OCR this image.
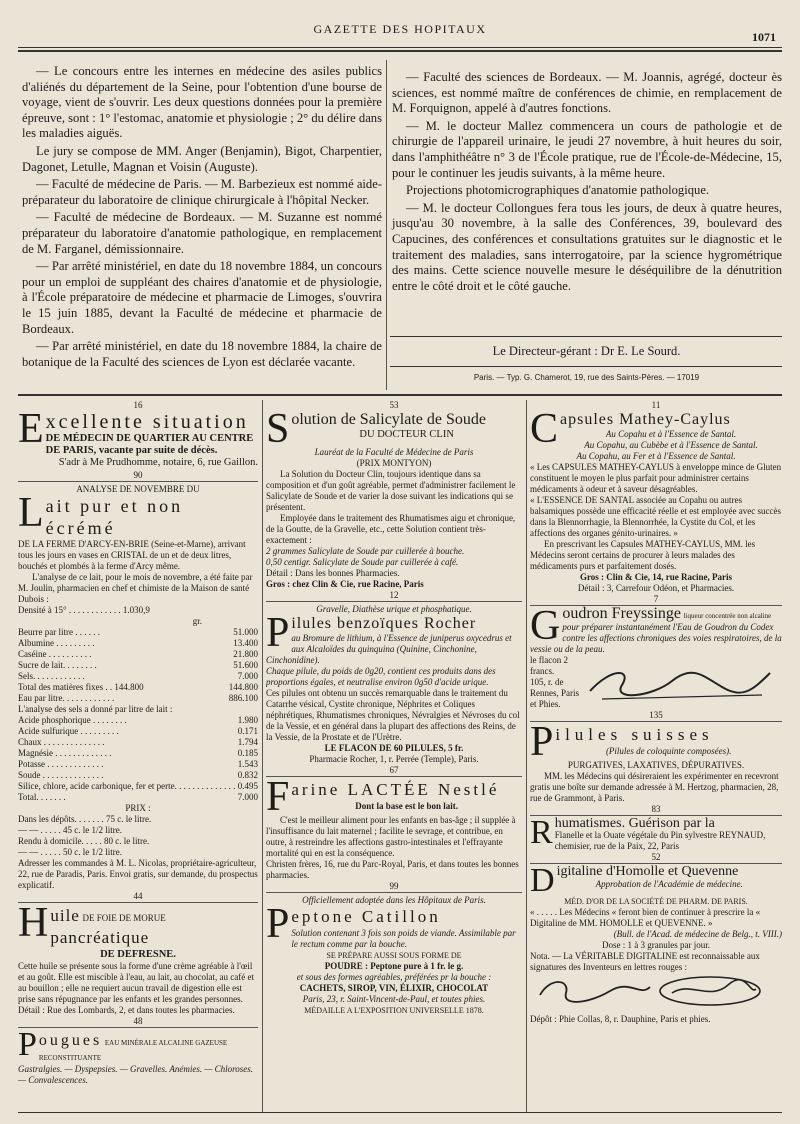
GAZETTE DES HOPITAUX
1071

— Le concours entre les internes en médecine des asiles publics d'aliénés du département de la Seine, pour l'obtention d'une bourse de voyage, vient de s'ouvrir. Les deux questions données pour la première épreuve, sont : 1° l'estomac, anatomie et physiologie ; 2° du délire dans les maladies aiguës.

Le jury se compose de MM. Anger (Benjamin), Bigot, Charpentier, Dagonet, Letulle, Magnan et Voisin (Auguste).

— Faculté de médecine de Paris. — M. Barbezieux est nommé aide-préparateur du laboratoire de clinique chirurgicale à l'hôpital Necker.

— Faculté de médecine de Bordeaux. — M. Suzanne est nommé préparateur du laboratoire d'anatomie pathologique, en remplacement de M. Farganel, démissionnaire.

— Par arrêté ministériel, en date du 18 novembre 1884, un concours pour un emploi de suppléant des chaires d'anatomie et de physiologie, à l'École préparatoire de médecine et pharmacie de Limoges, s'ouvrira le 15 juin 1885, devant la Faculté de médecine et pharmacie de Bordeaux.

— Par arrêté ministériel, en date du 18 novembre 1884, la chaire de botanique de la Faculté des sciences de Lyon est déclarée vacante.

— Faculté des sciences de Bordeaux. — M. Joannis, agrégé, docteur ès sciences, est nommé maître de conférences de chimie, en remplacement de M. Forquignon, appelé à d'autres fonctions.

— M. le docteur Mallez commencera un cours de pathologie et de chirurgie de l'appareil urinaire, le jeudi 27 novembre, à huit heures du soir, dans l'amphithéâtre n° 3 de l'École pratique, rue de l'École-de-Médecine, 15, pour le continuer les jeudis suivants, à la même heure.

Projections photomicrographiques d'anatomie pathologique.

— M. le docteur Collongues fera tous les jours, de deux à quatre heures, jusqu'au 30 novembre, à la salle des Conférences, 39, boulevard des Capucines, des conférences et consultations gratuites sur le diagnostic et le traitement des maladies, sans interrogatoire, par la science hygrométrique des mains. Cette science nouvelle mesure le déséquilibre de la dénutrition entre le côté droit et le côté gauche.

Le Directeur-gérant : Dr E. Le Sourd.
Paris. — Typ. G. Chamerot, 19, rue des Saints-Pères. — 17019
16
E xcellente situation
DE MÉDECIN DE QUARTIER AU CENTRE DE PARIS, vacante par suite de décès.
S'adr à Me Prudhomme, notaire, 6, rue Gaillon.
90
ANALYSE DE NOVEMBRE DU
L ait pur et non écrémé
DE LA FERME D'ARCY-EN-BRIE (Seine-et-Marne), arrivant tous les jours en vases en CRISTAL de un et de deux litres, bouchés et plombés à la ferme d'Arcy même.
L'analyse de ce lait, pour le mois de novembre, a été faite par M. Joulin, pharmacien en chef et chimiste de la Maison de santé Dubois :
Densité à 15° . . . . . . . . . . . . 1.030,9
gr.
Beurre par litre . . . . . .	51.000
Albumine . . . . . . . . .	13.400
Caséine . . . . . . . . . .	21.800
Sucre de lait. . . . . . . .	51.600
Sels. . . . . . . . . . . .	7.000
Total des matières fixes . . 144.800	144.800
Eau par litre. . . . . . . . . . . .	886.100
L'analyse des sels a donné par litre de lait :
Acide phosphorique . . . . . . . .	1.980
Acide sulfurique . . . . . . . . .	0.171
Chaux . . . . . . . . . . . . . .	1.794
Magnésie . . . . . . . . . . . . .	0.185
Potasse . . . . . . . . . . . . .	1.543
Soude . . . . . . . . . . . . . .	0.832
Silice, chlore, acide carbonique, fer et perte. . . . . . . . . . . . . . 0.495
Total. . . . . . .	7.000
PRIX :
Dans les dépôts. . . . . . . 75 c. le litre.
— — . . . . . 45 c. le 1/2 litre.
Rendu à domicile. . . . . 80 c. le litre.
— — . . . . . 50 c. le 1/2 litre.
Adresser les commandes à M. L. Nicolas, propriétaire-agriculteur, 22, rue de Paradis, Paris. Envoi gratis, sur demande, du prospectus explicatif.
44
H uile DE FOIE DE MORUE pancréatique
DE DEFRESNE.
Cette huile se présente sous la forme d'une crème agréable à l'œil et au goût. Elle est miscible à l'eau, au lait, au chocolat, au café et au bouillon ; elle ne requiert aucun travail de digestion elle est prise sans répugnance par les enfants et les grandes personnes.
Détail : Rue des Lombards, 2, et dans toutes les pharmacies.
48
P ougues EAU MINÉRALE ALCALINE GAZEUSE RECONSTITUANTE
Gastralgies. — Dyspepsies. — Gravelles. Anémies. — Chloroses. — Convalescences.
53
S olution de Salicylate de Soude
DU DOCTEUR CLIN
Lauréat de la Faculté de Médecine de Paris
(PRIX MONTYON)
La Solution du Docteur Clin, toujours identique dans sa composition et d'un goût agréable, permet d'administrer facilement le Salicylate de Soude et de varier la dose suivant les indications qui se présentent.
Employée dans le traitement des Rhumatismes aigu et chronique, de la Goutte, de la Gravelle, etc., cette Solution contient très-exactement :
2 grammes Salicylate de Soude par cuillerée à bouche.
0,50 centigr. Salicylate de Soude par cuillerée à café.
Détail : Dans les bonnes Pharmacies.
Gros : chez Clin & Cie, rue Racine, Paris
12
Gravelle, Diathèse urique et phosphatique.
P ilules benzoïques Rocher
au Bromure de lithium, à l'Essence de juniperus oxycedrus et aux Alcaloïdes du quinquina (Quinine, Cinchonine, Cinchonidine).
Chaque pilule, du poids de 0g20, contient ces produits dans des proportions égales, et neutralise environ 0g50 d'acide urique.
Ces pilules ont obtenu un succès remarquable dans le traitement du Catarrhe vésical, Cystite chronique, Néphrites et Coliques néphrétiques, Rhumatismes chroniques, Névralgies et Névroses du col de la Vessie, et en général dans la plupart des affections des Reins, de la Vessie, de la Prostate et de l'Urètre.
LE FLACON DE 60 PILULES, 5 fr.
Pharmacie Rocher, 1, r. Perrée (Temple), Paris.
67
F arine LACTÉE Nestlé
Dont la base est le bon lait.
C'est le meilleur aliment pour les enfants en bas-âge ; il supplée à l'insuffisance du lait maternel ; facilite le sevrage, et contribue, en outre, à restreindre les affections gastro-intestinales et l'effrayante mortalité qui en est la conséquence.
Christen frères, 16, rue du Parc-Royal, Paris, et dans toutes les bonnes pharmacies.
99
Officiellement adoptée dans les Hôpitaux de Paris.
P eptone Catillon
Solution contenant 3 fois son poids de viande. Assimilable par le rectum comme par la bouche.
SE PRÉPARE AUSSI SOUS FORME DE
POUDRE : Peptone pure à 1 fr. le g.
et sous des formes agréables, préférées pr la bouche :
CACHETS, SIROP, VIN, ÉLIXIR, CHOCOLAT
Paris, 23, r. Saint-Vincent-de-Paul, et toutes phies.
MÉDAILLE A L'EXPOSITION UNIVERSELLE 1878.
11
C apsules Mathey-Caylus
Au Copahu et à l'Essence de Santal.
Au Copahu, au Cubèbe et à l'Essence de Santal.
Au Copahu, au Fer et à l'Essence de Santal.
« Les CAPSULES MATHEY-CAYLUS à enveloppe mince de Gluten constituent le moyen le plus parfait pour administrer certains médicaments à odeur et à saveur désagréables.
« L'ESSENCE DE SANTAL associée au Copahu ou autres balsamiques possède une efficacité réelle et est employée avec succès dans la Blennorrhagie, la Blennorrhée, la Cystite du Col, et les affections des organes génito-urinaires. »
En prescrivant les Capsules MATHEY-CAYLUS, MM. les Médecins seront certains de procurer à leurs malades des médicaments purs et parfaitement dosés.
Gros : Clin & Cie, 14, rue Racine, Paris
Détail : 3, Carrefour Odéon, et Pharmacies.
7
G oudron Freyssinge liqueur concentrée non alcaline
pour préparer instantanément l'Eau de Goudron du Codex contre les affections chroniques des voies respiratoires, de la vessie ou de la peau.
le flacon 2 francs.
105, r. de Rennes, Paris et Phies.
135
P ilules suisses
(Pilules de coloquinte composées).
PURGATIVES, LAXATIVES, DÉPURATIVES.
MM. les Médecins qui désireraient les expérimenter en recevront gratis une boîte sur demande adressée à M. Hertzog, pharmacien, 28, rue de Grammont, à Paris.
83
R humatismes. Guérison par la
Flanelle et la Ouate végétale du Pin sylvestre REYNAUD, chemisier, rue de la Paix, 22, Paris
52
D igitaline d'Homolle et Quevenne
Approbation de l'Académie de médecine.
MÉD. D'OR DE LA SOCIÉTÉ DE PHARM. DE PARIS.
« . . . . . Les Médecins « feront bien de continuer à prescrire la « Digitaline de MM. HOMOLLE et QUEVENNE. »
(Bull. de l'Acad. de médecine de Belg., t. VIII.)
Dose : 1 à 3 granules par jour.
Nota. — La VÉRITABLE DIGITALINE est reconnaissable aux signatures des Inventeurs en lettres rouges :
Dépôt : Phie Collas, 8, r. Dauphine, Paris et phies.
